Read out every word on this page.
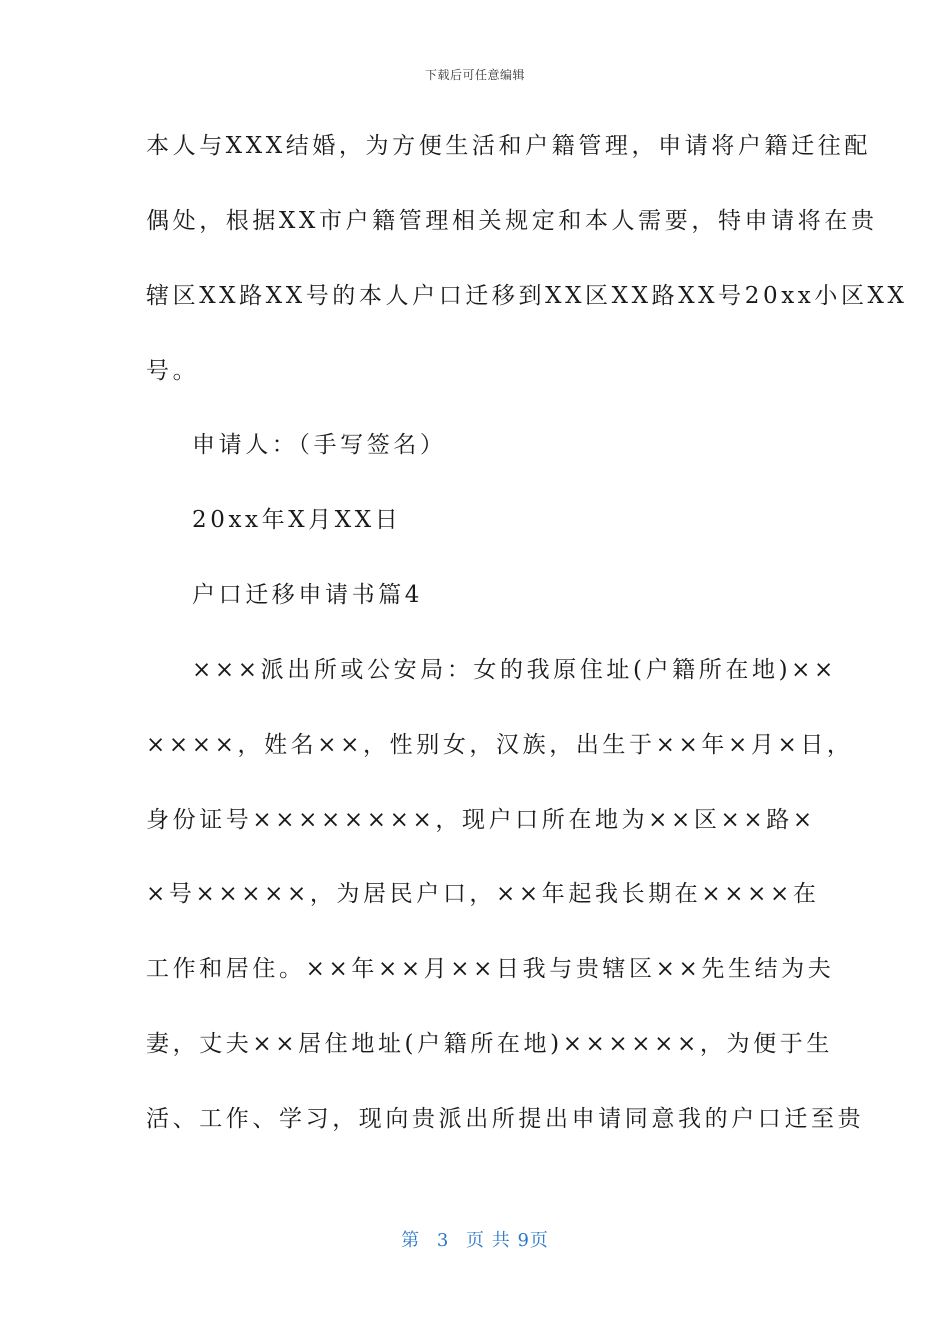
下载后可任意编辑
本人与XXX结婚，为方便生活和户籍管理，申请将户籍迁往配
偶处，根据XX市户籍管理相关规定和本人需要，特申请将在贵
辖区XX路XX号的本人户口迁移到XX区XX路XX号20xx小区XX
号。
申请人：（手写签名）
20xx年X月XX日
户口迁移申请书篇4
×××派出所或公安局：女的我原住址(户籍所在地)××
××××，姓名××，性别女，汉族，出生于××年×月×日，
身份证号××××××××，现户口所在地为××区××路×
×号×××××，为居民户口，××年起我长期在××××在
工作和居住。××年××月××日我与贵辖区××先生结为夫
妻，丈夫××居住地址(户籍所在地)××××××，为便于生
活、工作、学习，现向贵派出所提出申请同意我的户口迁至贵
第 3 页 共 9页
